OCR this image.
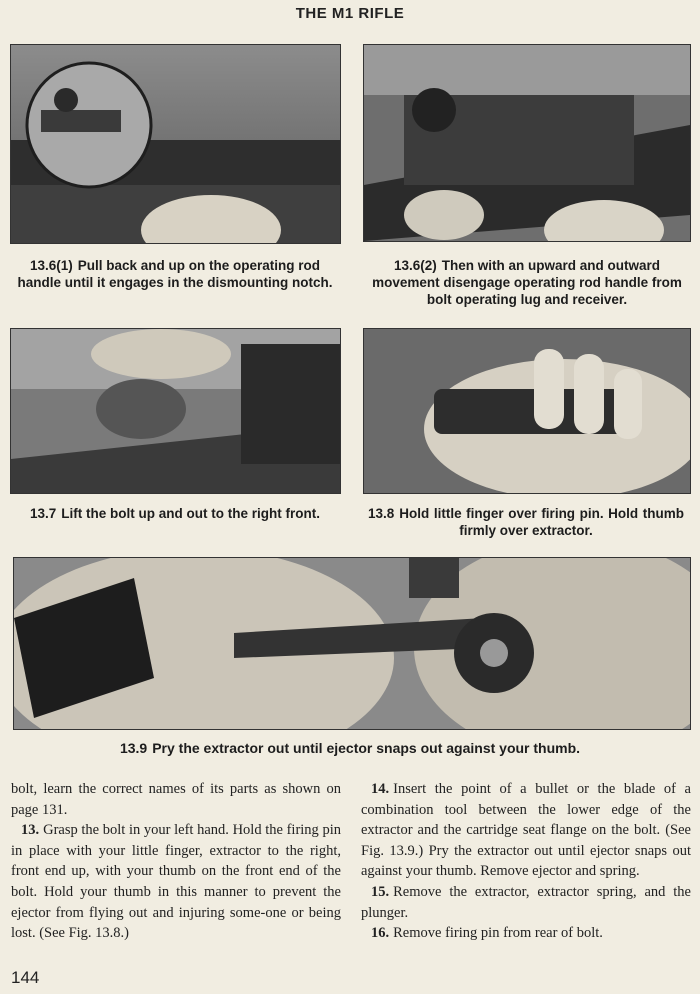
THE M1 RIFLE
13.6(1) Pull back and up on the operating rod handle until it engages in the dismounting notch.
13.6(2) Then with an upward and outward movement disengage operating rod handle from bolt operating lug and receiver.
13.7 Lift the bolt up and out to the right front.	13.8 Hold little finger over firing pin. Hold thumb firmly over extractor.
13.9 Pry the extractor out until ejector snaps out against your thumb.

bolt, learn the correct names of its parts as shown on page 131.

13. Grasp the bolt in your left hand. Hold the firing pin in place with your little finger, extractor to the right, front end up, with your thumb on the front end of the bolt. Hold your thumb in this manner to prevent the ejector from flying out and injuring some-one or being lost. (See Fig. 13.8.)

14. Insert the point of a bullet or the blade of a combination tool between the lower edge of the extractor and the cartridge seat flange on the bolt. (See Fig. 13.9.) Pry the extractor out until ejector snaps out against your thumb. Remove ejector and spring.

15. Remove the extractor, extractor spring, and the plunger.

16. Remove firing pin from rear of bolt.

144
